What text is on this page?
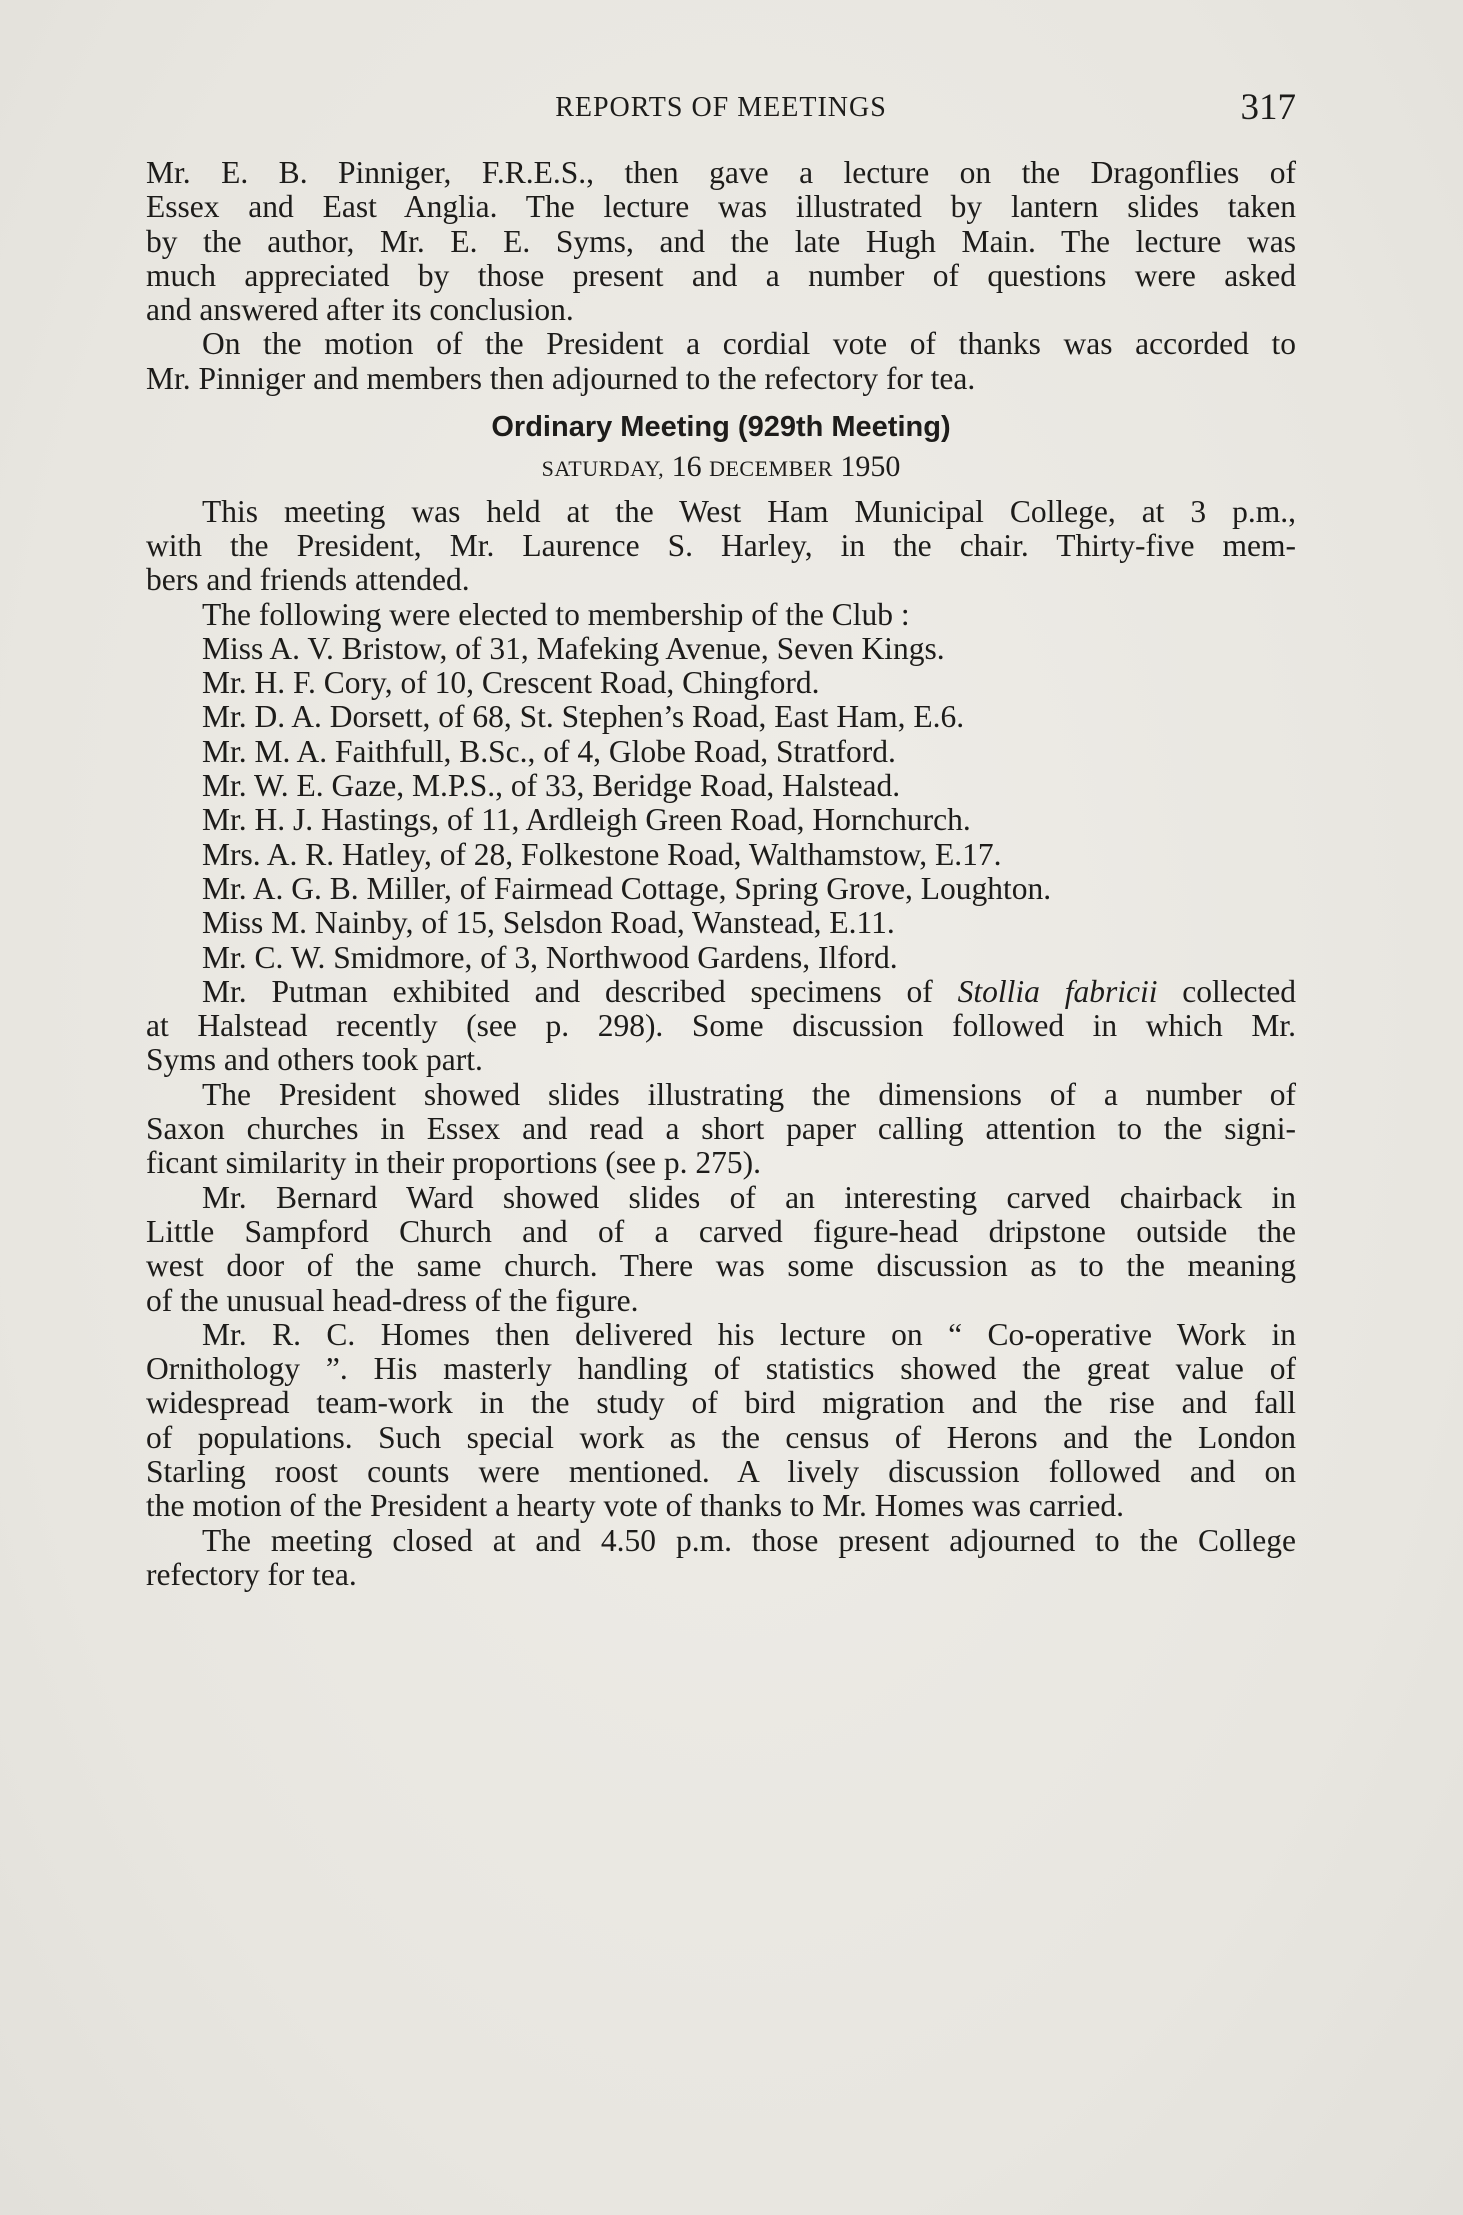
REPORTS OF MEETINGS	317
Mr. E. B. Pinniger, F.R.E.S., then gave a lecture on the Dragonflies of
Essex and East Anglia. The lecture was illustrated by lantern slides taken
by the author, Mr. E. E. Syms, and the late Hugh Main. The lecture was
much appreciated by those present and a number of questions were asked
and answered after its conclusion.
On the motion of the President a cordial vote of thanks was accorded to
Mr. Pinniger and members then adjourned to the refectory for tea.
Ordinary Meeting (929th Meeting)
SATURDAY, 16 DECEMBER 1950
This meeting was held at the West Ham Municipal College, at 3 p.m.,
with the President, Mr. Laurence S. Harley, in the chair. Thirty-five mem-
bers and friends attended.
The following were elected to membership of the Club :
Miss A. V. Bristow, of 31, Mafeking Avenue, Seven Kings.
Mr. H. F. Cory, of 10, Crescent Road, Chingford.
Mr. D. A. Dorsett, of 68, St. Stephen’s Road, East Ham, E.6.
Mr. M. A. Faithfull, B.Sc., of 4, Globe Road, Stratford.
Mr. W. E. Gaze, M.P.S., of 33, Beridge Road, Halstead.
Mr. H. J. Hastings, of 11, Ardleigh Green Road, Hornchurch.
Mrs. A. R. Hatley, of 28, Folkestone Road, Walthamstow, E.17.
Mr. A. G. B. Miller, of Fairmead Cottage, Spring Grove, Loughton.
Miss M. Nainby, of 15, Selsdon Road, Wanstead, E.11.
Mr. C. W. Smidmore, of 3, Northwood Gardens, Ilford.
Mr. Putman exhibited and described specimens of Stollia fabricii collected
at Halstead recently (see p. 298). Some discussion followed in which Mr.
Syms and others took part.
The President showed slides illustrating the dimensions of a number of
Saxon churches in Essex and read a short paper calling attention to the signi-
ficant similarity in their proportions (see p. 275).
Mr. Bernard Ward showed slides of an interesting carved chairback in
Little Sampford Church and of a carved figure-head dripstone outside the
west door of the same church. There was some discussion as to the meaning
of the unusual head-dress of the figure.
Mr. R. C. Homes then delivered his lecture on “ Co-operative Work in
Ornithology ”. His masterly handling of statistics showed the great value of
widespread team-work in the study of bird migration and the rise and fall
of populations. Such special work as the census of Herons and the London
Starling roost counts were mentioned. A lively discussion followed and on
the motion of the President a hearty vote of thanks to Mr. Homes was carried.
The meeting closed at and 4.50 p.m. those present adjourned to the College
refectory for tea.
